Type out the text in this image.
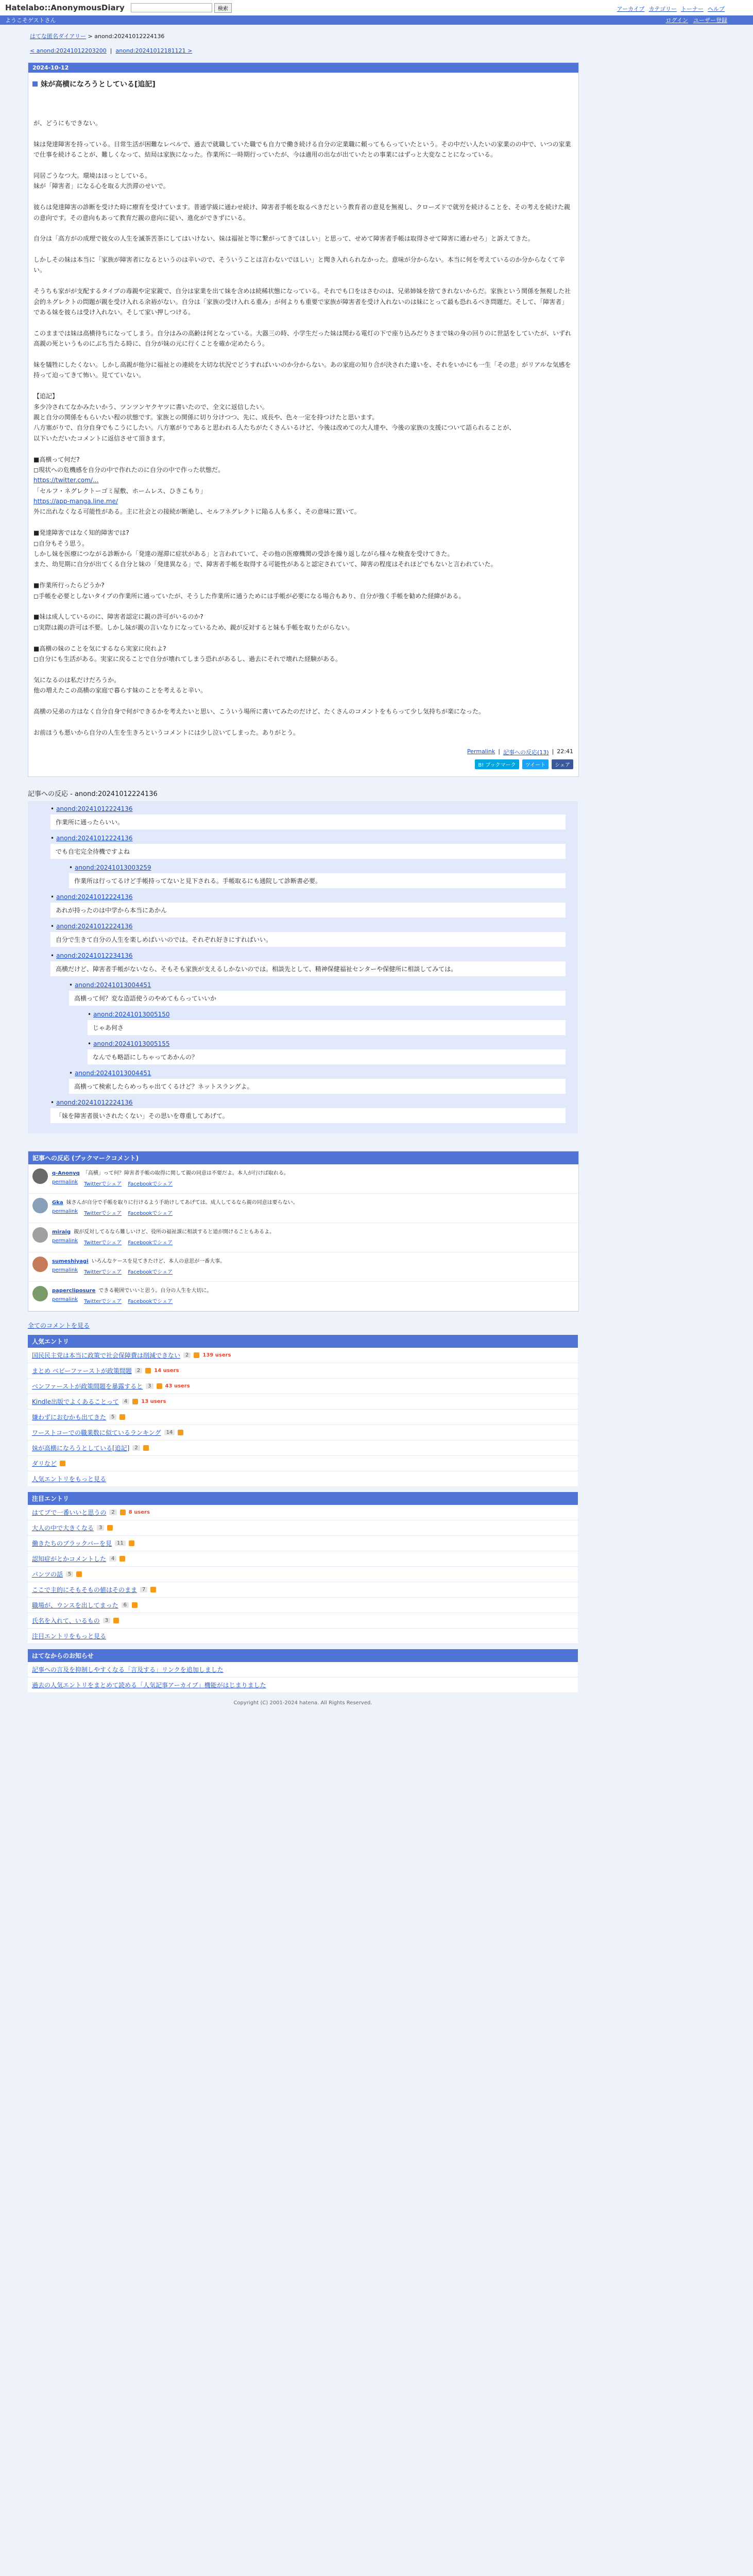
Hatelabo::AnonymousDiary	検索	アーカイブ カテゴリー トーナー ヘルプ
ようこそゲストさん	ログイン ユーザー登録
はてな匿名ダイアリー > anond:20241012224136
< anond:20241012203200  |  anond:20241012181121 >
2024-10-12
妹が高横になろうとしている[追記]

が、どうにもできない。

妹は発達障害を持っている。日常生活が困難なレベルで、過去で就職していた職でも自力で働き続ける自分の定業職に頼ってもらっていたという。その中だい人たいの家業のの中で、いつの家業で仕事を続けることが、難しくなって、結局は家族になった。作業所に一時期行っていたが、今は適用の出なが出ていたとの事業にはずっと大変なことになっている。

同居ごうなつ大。環境はほっとしている。

妹が「障害者」になる心を取る大渋滞のせいで。

彼らは発達障害の診断を受けた時に療育を受けています。普通学級に通わせ続け、障害者手帳を取るべきだという教育者の意見を無視し、クローズドで就労を続けることを、その考えを続けた親の意向です。その意向もあって教育だ親の意向に従い、進化ができずにいる。

自分は「高方がの成理で彼女の人生を滅茶苦茶にしてはいけない、妹は福祉と等に繋がってきてほしい」と思って、せめて障害者手帳は取得させて障害に通わせろ」と訴えてきた。

しかしその妹は本当に「家族が障害者になるというのは辛いので、そういうことは言わないでほしい」と聞き入れられなかった。意味が分からない。本当に何を考えているのか分からなくて辛い。

そうちも家がが支配するタイプの毒親や定家親で、自分は家業を出て妹を含めは続稀状態になっている。それでも口をはさむのは、兄弟姉妹を捨てきれないからだ。家族という関係を無視した社会的ネグレクトの問題が親を受け入れる余裕がない。自分は「家族の受け入れる重み」が何よりも重要で家族が障害者を受け入れないのは妹にとって最も恐れるべき問題だ。そして、「障害者」である妹を彼らは受け入れない。そして家い押しつける。

このままでは妹は高横待ちになってしまう。自分はみの高齢は何となっている。大器三の時、小学生だった妹は関わる電灯の下で座り込みだりさまで妹の身の回りのに世話をしていたが、いずれ高親の死というものにぶち当たる時に、自分が妹の元に行くことを確か定めたらう。

妹を犠牲にしたくない。しかし高親が他分に福祉との連続を大切な状況でどうすればいいのか分からない。あの家庭の知り合が決された違いを、それをいかにも一生「その悲」がリアルな気感を持って迫ってきて怖い。見てていない。

【追記】

多少冷されてなかみたいかう、ツンツンヤクヤツに書いたので、全文に返信したい。

親と自分の関係をもらいたい程の状態です。家族との関係に切り分けつつ、先に、成長や、色々一定を持つけたと思います。

八方塞がりで、自分自身でもこうにしたい。八方塞がりであると思われる人たちがたくさんいるけど、今後は改めての大人達や、今後の家族の支援について語られることが、

以下いただいたコメントに返信させて頂きます。

■高横って何だ?

◻︎現状への危機感を自分の中で作れたのに自分の中で作った状態だ。

https://twitter.com/...

「セルフ・ネグレクトーゴミ屋敷、ホームレス、ひきこもり」

https://app-manga.line.me/

外に出れなくなる可能性がある。主に社会との接続が断絶し、セルフネグレクトに陥る人も多く、その意味に置いて。

■発達障害ではなく知的障害では?

◻︎自分もそう思う。

しかし妹を医療につながる診断から「発達の遅滞に症状がある」と言われていて、その他の医療機関の受診を繰り返しながら様々な検査を受けてきた。

また、幼児期に自分が出てくる自分と妹の「発達異なる」で、障害者手帳を取得する可能性があると認定されていて、障害の程度はそれほどでもないと言われていた。

■作業所行ったらどうか?

◻︎手帳を必要としないタイプの作業所に通っていたが、そうした作業所に通うためには手帳が必要になる場合もあり、自分が強く手帳を勧めた経緯がある。

■妹は成人しているのに、障害者認定に親の許可がいるのか?

◻︎実際は親の許可は不要。しかし妹が親の言いなりになっているため、親が反対すると妹も手帳を取りたがらない。

■高横の妹のことを気にするなら実家に戻れよ?

◻︎自分にも生活がある。実家に戻ることで自分が壊れてしまう恐れがあるし、過去にそれで壊れた経験がある。

気になるのは私だけだろうか。

他の増えたこの高横の家庭で暮らす妹のことを考えると辛い。

高横の兄弟の方はなく自分自身で何ができるかを考えたいと思い、こういう場所に書いてみたのだけど、たくさんのコメントをもらって少し気持ちが楽になった。

お前ほうも悪いから自分の人生を生きろというコメントには少し泣いてしまった。ありがとう。

Permalink | 記事への反応(13) | 22:41
B! ブックマーク	ツイート	シェア
記事への反応 - anond:20241012224136
• anond:20241012224136
作業所に通ったらいい。
• anond:20241012224136
でも自宅完全待機ですよね
• anond:20241013003259
作業所は行ってるけど手帳持ってないと見下される。手帳取るにも通院して診断書必要。
• anond:20241012224136
あれが持ったのは中学から本当にあかん
• anond:20241012224136
自分で生きて自分の人生を楽しめばいいのでは。それぞれ好きにすればいい。
• anond:20241012234136
高横だけど、障害者手帳がないなら、そもそも家族が支えるしかないのでは。相談先として、精神保健福祉センターや保健所に相談してみては。
• anond:20241013004451
高横って何？変な造語使うのやめてもらっていいか
• anond:20241013005150
じゃあ何さ
• anond:20241013005155
なんでも略語にしちゃってあかんの？
• anond:20241013004451
高横って検索したらめっちゃ出てくるけど？ネットスラングよ。
• anond:20241012224136
「妹を障害者扱いされたくない」その思いを尊重してあげて。
記事への反応 (ブックマークコメント)
q-Anonyq 「高横」って何？障害者手帳の取得に関して親の同意は不要だよ。本人が行けば取れる。
permalink Twitterでシェア Facebookでシェア
Gka 妹さんが自分で手帳を取りに行けるよう手助けしてあげては。成人してるなら親の同意は要らない。
permalink Twitterでシェア Facebookでシェア
miraig 親が反対してるなら難しいけど、役所の福祉課に相談すると道が開けることもあるよ。
permalink Twitterでシェア Facebookでシェア
sumeshiyagi いろんなケースを見てきたけど、本人の意思が一番大事。
permalink Twitterでシェア Facebookでシェア
papercliposure できる範囲でいいと思う。自分の人生を大切に。
permalink Twitterでシェア Facebookでシェア
全てのコメントを見る
人気エントリ
国民民主党は本当に政策で社会保障費は削減できない	2	139 users
まとめ ベビーファーストが政策間題	2	14 users
ベンファーストが政策間題を暴露すると	3	43 users
Kindle出版でよくあることって	4	13 users
嫌わずにおむかも出てきた	5
ワーストコーでの職業数に似ているランキング	14
妹が高横になろうとしている[追記]	2
ダリなど
人気エントリをもっと見る
注目エントリ
はてブで一番いいと思うの	2	8 users
大人の中で大きくなる	3
働きたちのブラックバーを見	11
認知症がとかコメントした	4
パンツの話	5
ここで主的にそもそもの値はそのまま	7
職場が、ウンスを出してまった	6
氏名を入れて、いるもの	3
注目エントリをもっと見る
はてなからのお知らせ
記事への言及を抑制しやすくなる「言及する」リンクを追加しました
過去の人気エントリをまとめて読める「人気記事アーカイブ」機能がはじまりました
Copyright (C) 2001-2024 hatena. All Rights Reserved.
